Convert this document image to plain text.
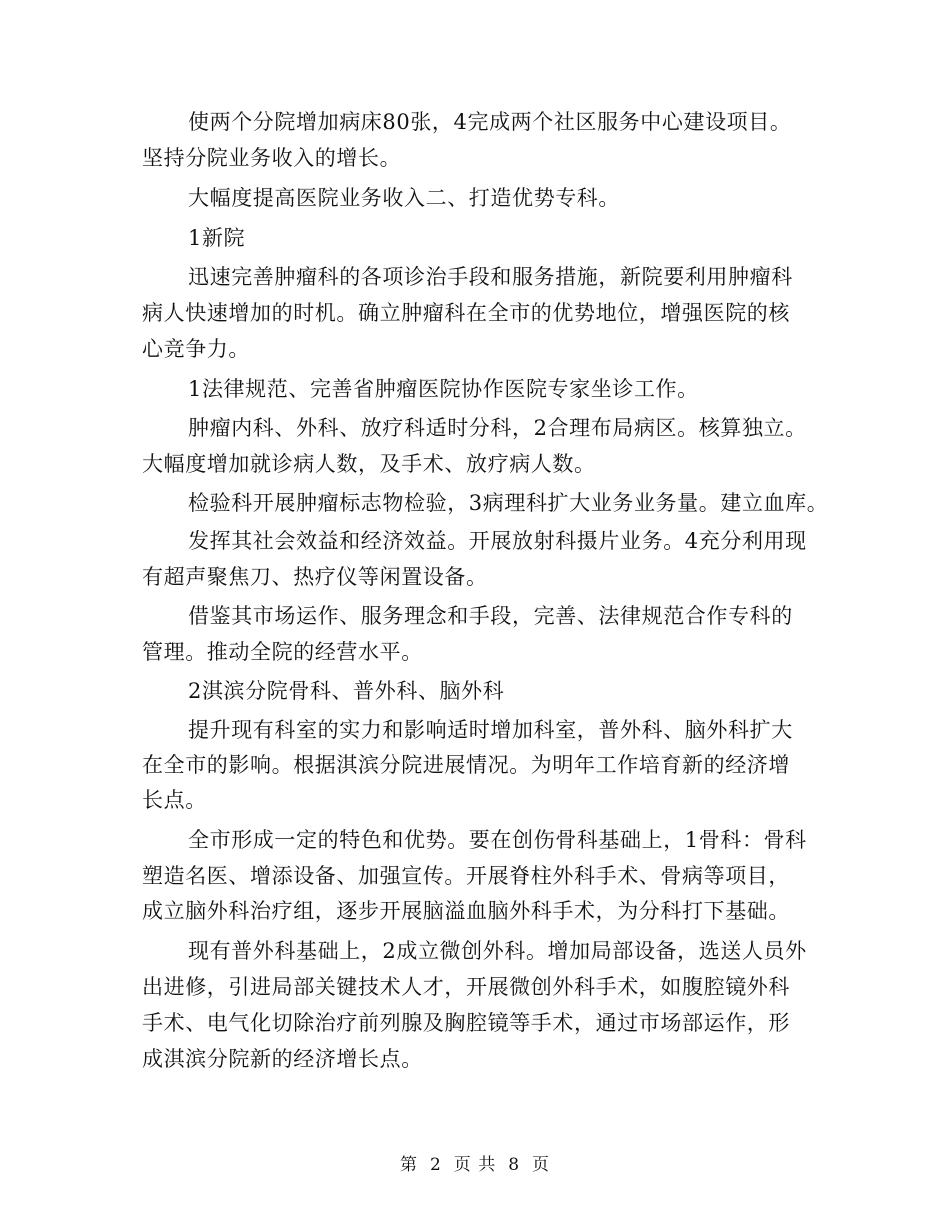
使两个分院增加病床80张，4完成两个社区服务中心建设项目。
坚持分院业务收入的增长。
大幅度提高医院业务收入二、打造优势专科。
1新院
迅速完善肿瘤科的各项诊治手段和服务措施，新院要利用肿瘤科
病人快速增加的时机。确立肿瘤科在全市的优势地位，增强医院的核
心竞争力。
1法律规范、完善省肿瘤医院协作医院专家坐诊工作。
肿瘤内科、外科、放疗科适时分科，2合理布局病区。核算独立。
大幅度增加就诊病人数，及手术、放疗病人数。
检验科开展肿瘤标志物检验，3病理科扩大业务业务量。建立血库。
发挥其社会效益和经济效益。开展放射科摄片业务。4充分利用现
有超声聚焦刀、热疗仪等闲置设备。
借鉴其市场运作、服务理念和手段，完善、法律规范合作专科的
管理。推动全院的经营水平。
2淇滨分院骨科、普外科、脑外科
提升现有科室的实力和影响适时增加科室，普外科、脑外科扩大
在全市的影响。根据淇滨分院进展情况。为明年工作培育新的经济增
长点。
全市形成一定的特色和优势。要在创伤骨科基础上，1骨科：骨科
塑造名医、增添设备、加强宣传。开展脊柱外科手术、骨病等项目，
成立脑外科治疗组，逐步开展脑溢血脑外科手术，为分科打下基础。
现有普外科基础上，2成立微创外科。增加局部设备，选送人员外
出进修，引进局部关键技术人才，开展微创外科手术，如腹腔镜外科
手术、电气化切除治疗前列腺及胸腔镜等手术，通过市场部运作，形
成淇滨分院新的经济增长点。
第 2 页 共 8 页
